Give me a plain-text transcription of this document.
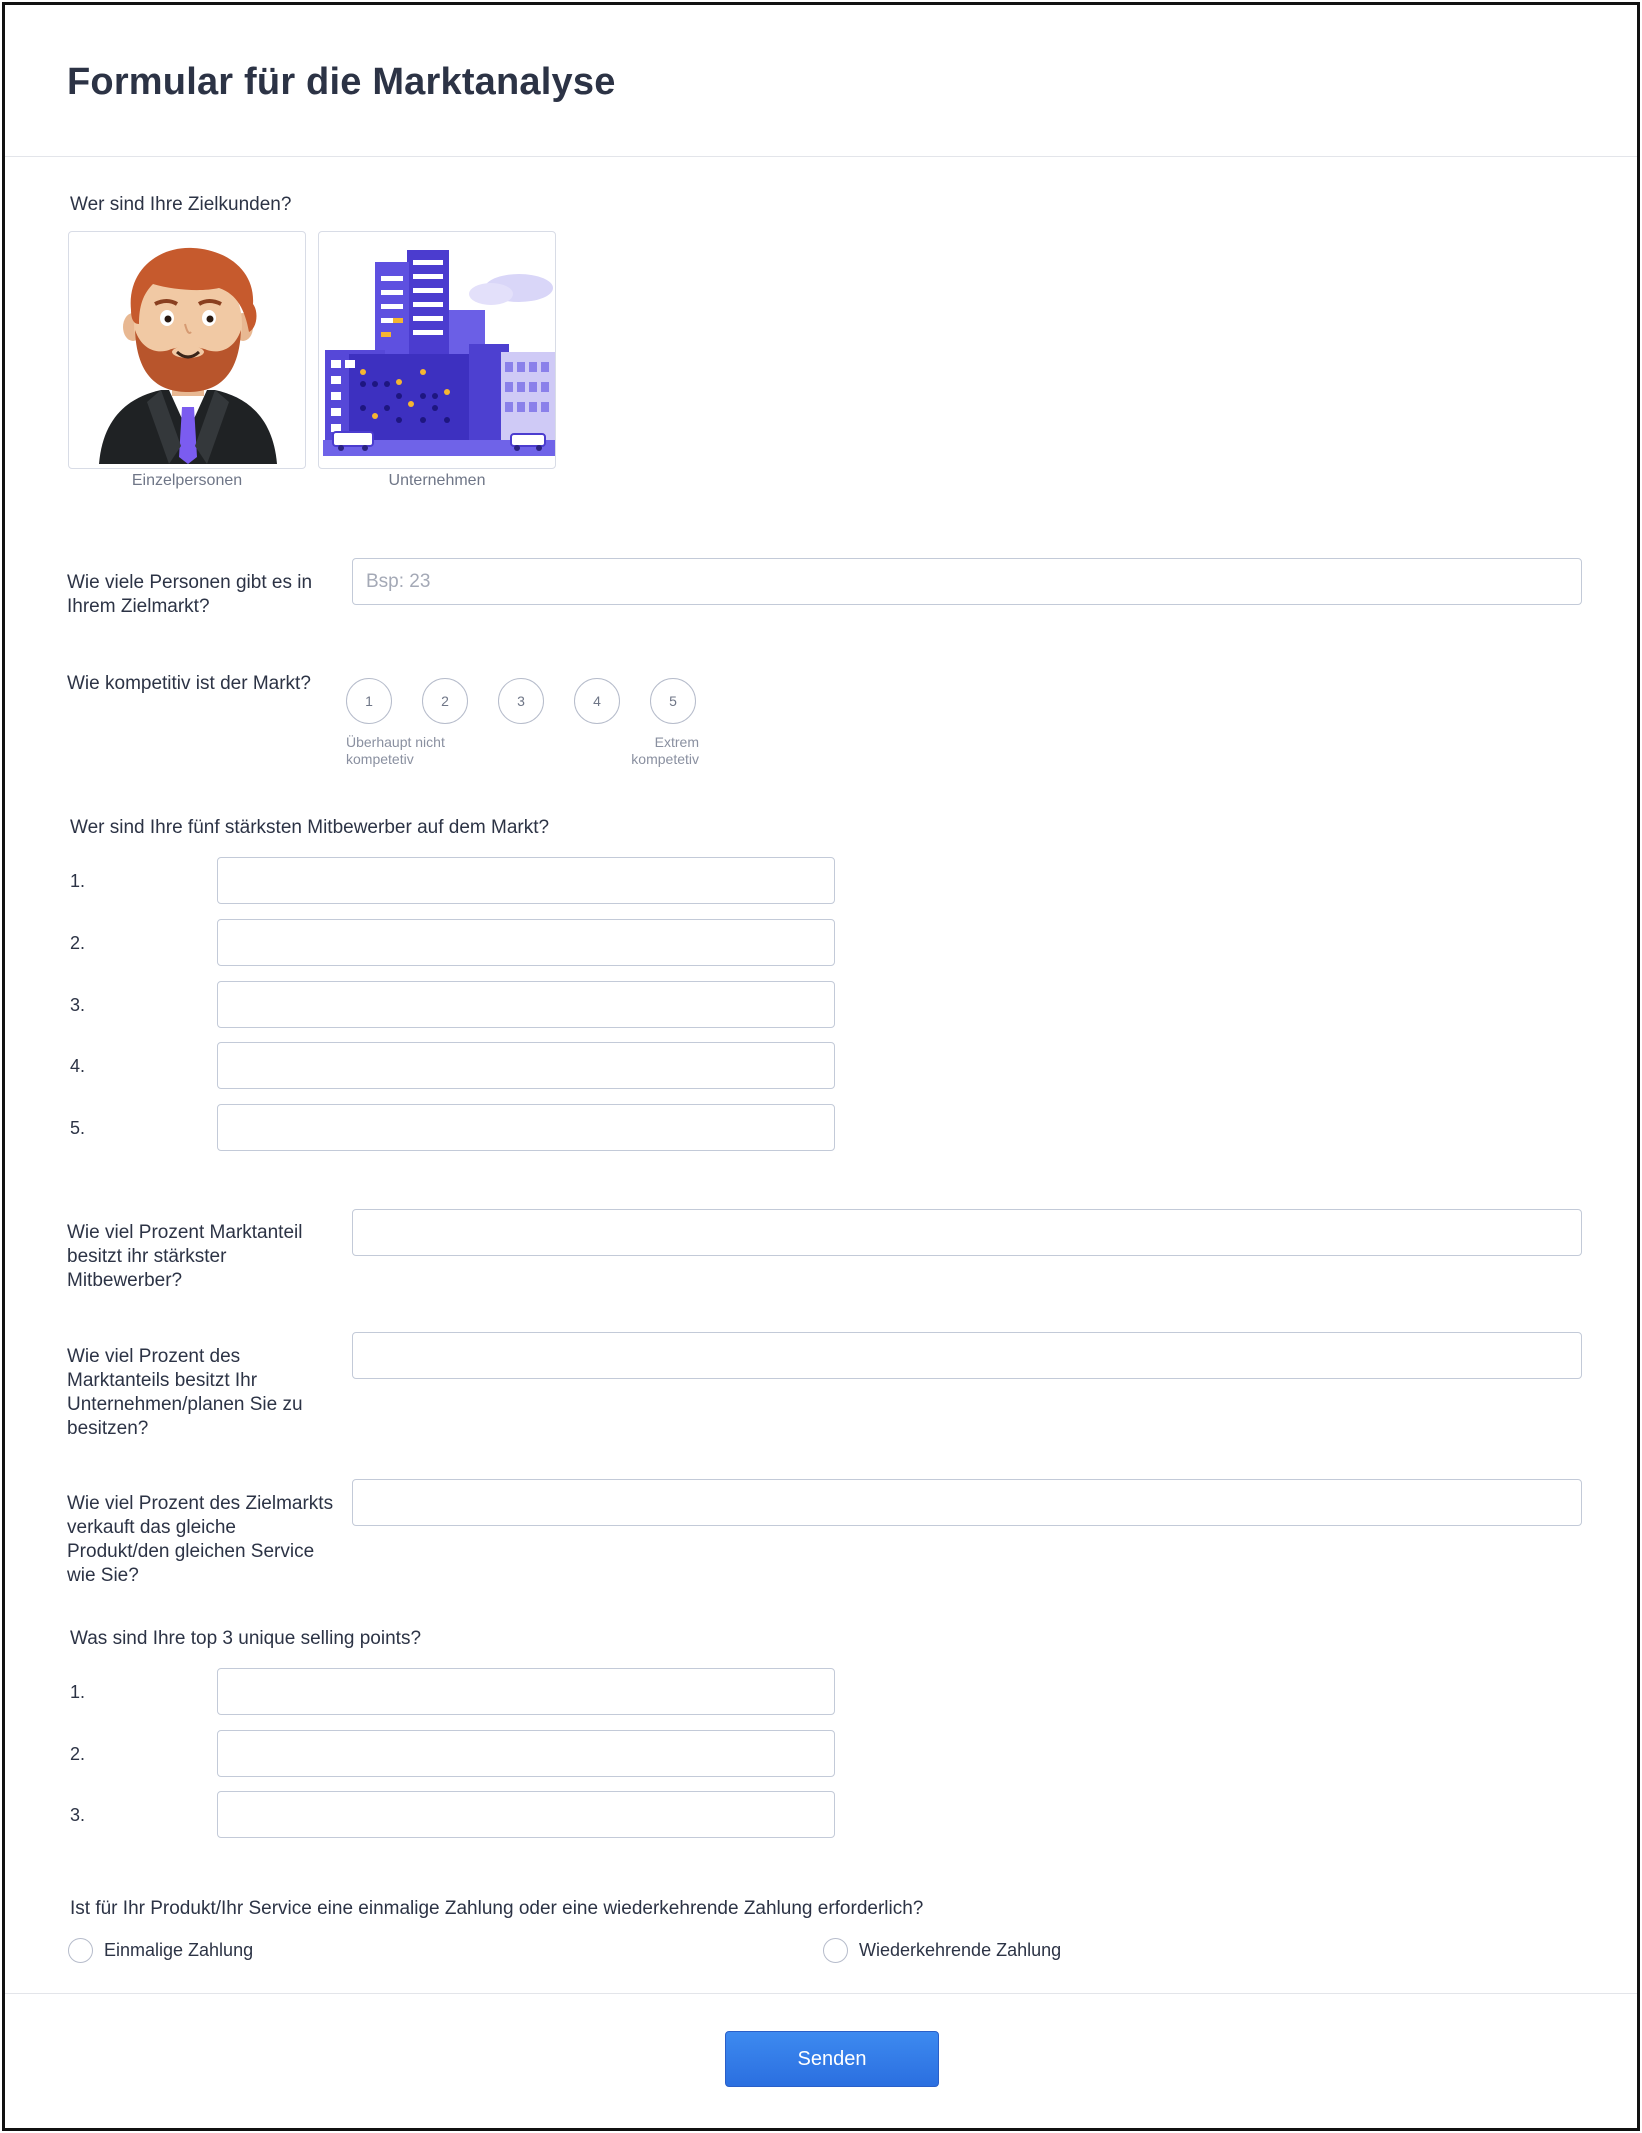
Formular für die Marktanalyse
Wer sind Ihre Zielkunden?
Einzelpersonen	Unternehmen
Wie viele Personen gibt es in Ihrem Zielmarkt?
Bsp: 23
Wie kompetitiv ist der Markt?
1	2	3	4	5
Überhaupt nicht kompetetiv
Extrem kompetetiv
Wer sind Ihre fünf stärksten Mitbewerber auf dem Markt?
1.
2.
3.
4.
5.
Wie viel Prozent Marktanteil besitzt ihr stärkster Mitbewerber?
Wie viel Prozent des Marktanteils besitzt Ihr Unternehmen/planen Sie zu besitzen?
Wie viel Prozent des Zielmarkts verkauft das gleiche Produkt/den gleichen Service wie Sie?
Was sind Ihre top 3 unique selling points?
1.
2.
3.
Ist für Ihr Produkt/Ihr Service eine einmalige Zahlung oder eine wiederkehrende Zahlung erforderlich?
Einmalige Zahlung	Wiederkehrende Zahlung
Senden
